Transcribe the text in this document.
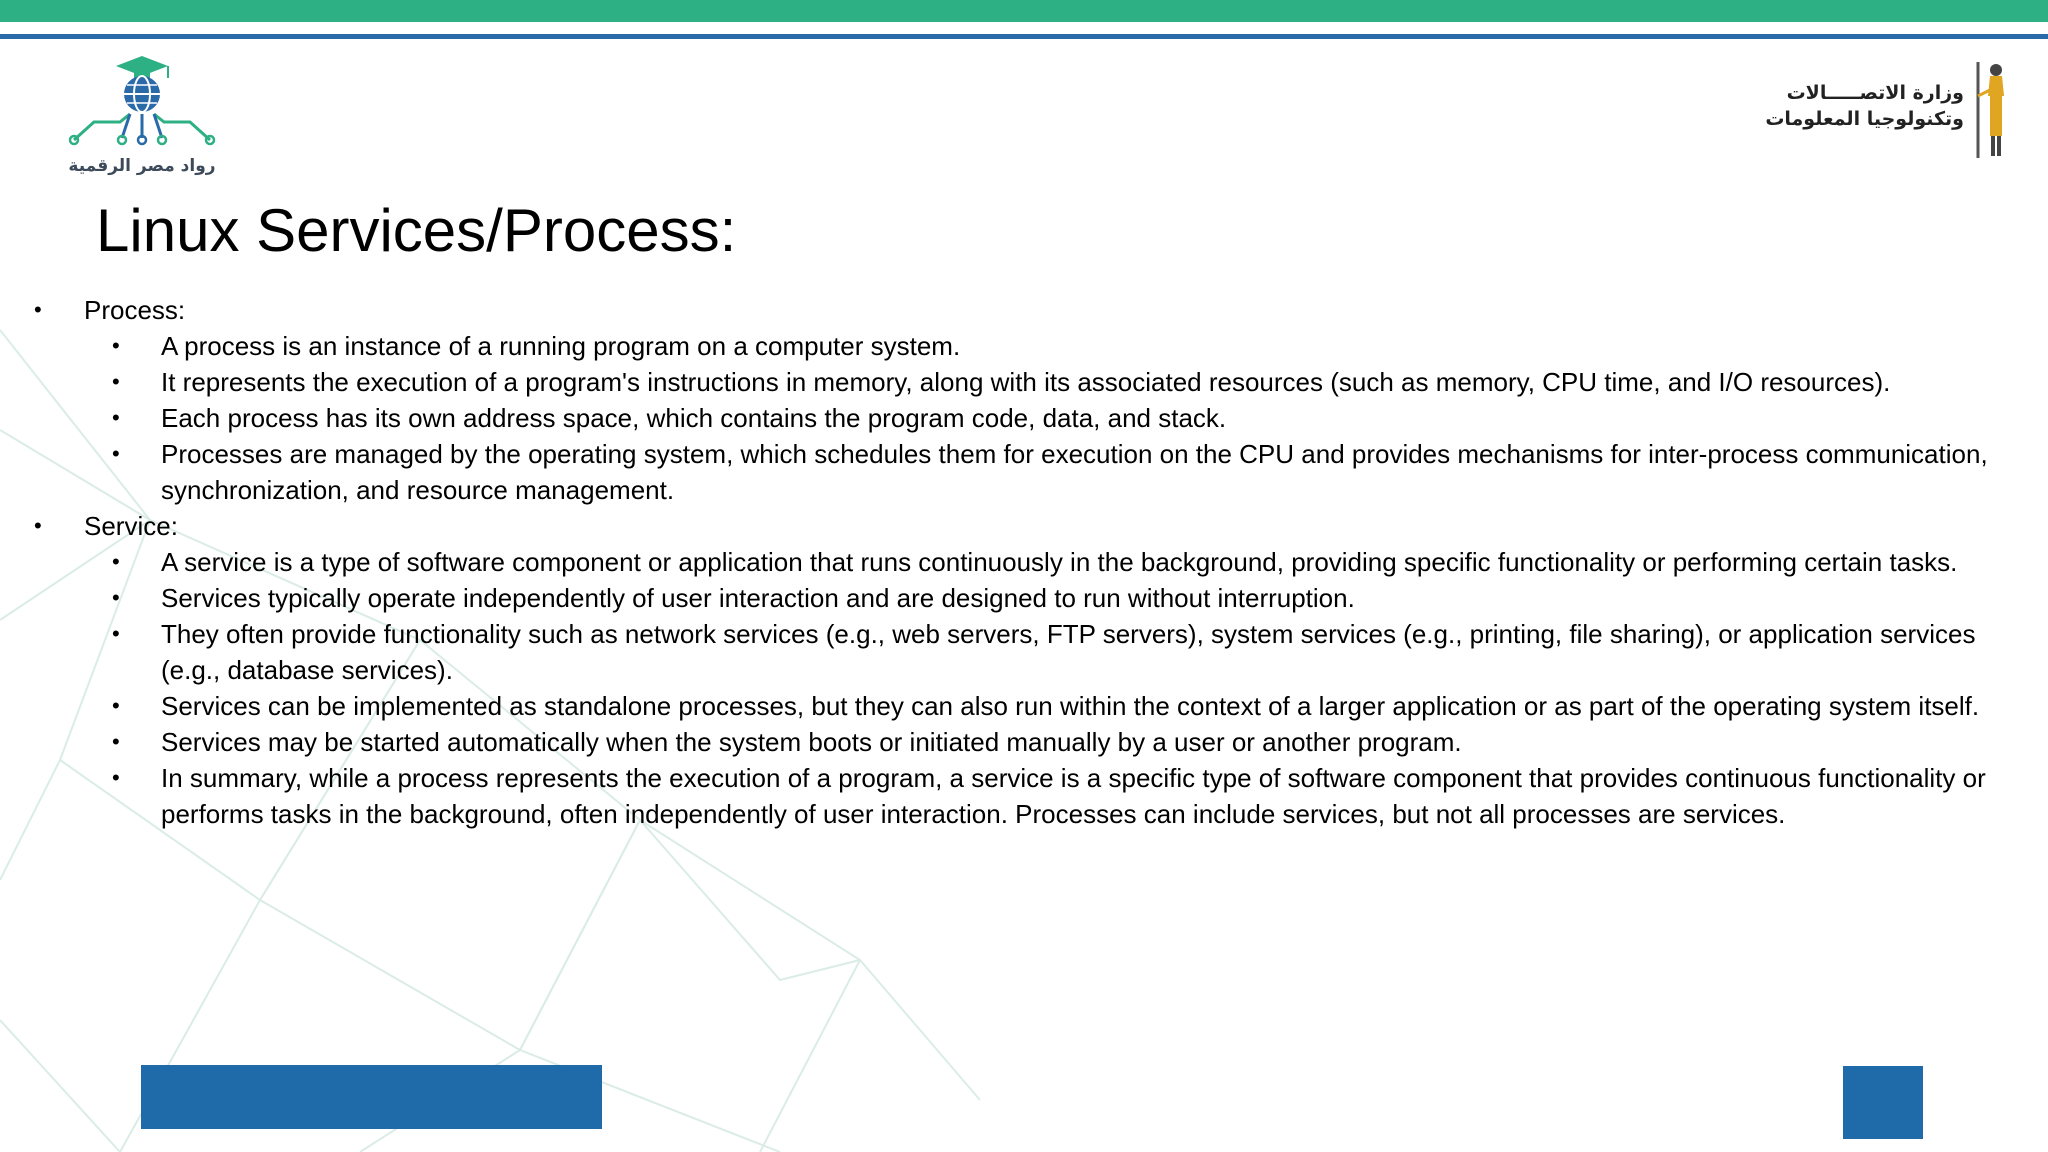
رواد مصر الرقمية
وزارة الاتصـــــالات
وتكنولوجيا المعلومات
Linux Services/Process:
• Process:
• A process is an instance of a running program on a computer system.
• It represents the execution of a program's instructions in memory, along with its associated resources (such as memory, CPU time, and I/O resources).
• Each process has its own address space, which contains the program code, data, and stack.
• Processes are managed by the operating system, which schedules them for execution on the CPU and provides mechanisms for inter-process communication, synchronization, and resource management.
• Service:
• A service is a type of software component or application that runs continuously in the background, providing specific functionality or performing certain tasks.
• Services typically operate independently of user interaction and are designed to run without interruption.
• They often provide functionality such as network services (e.g., web servers, FTP servers), system services (e.g., printing, file sharing), or application services (e.g., database services).
• Services can be implemented as standalone processes, but they can also run within the context of a larger application or as part of the operating system itself.
• Services may be started automatically when the system boots or initiated manually by a user or another program.
• In summary, while a process represents the execution of a program, a service is a specific type of software component that provides continuous functionality or performs tasks in the background, often independently of user interaction. Processes can include services, but not all processes are services.
